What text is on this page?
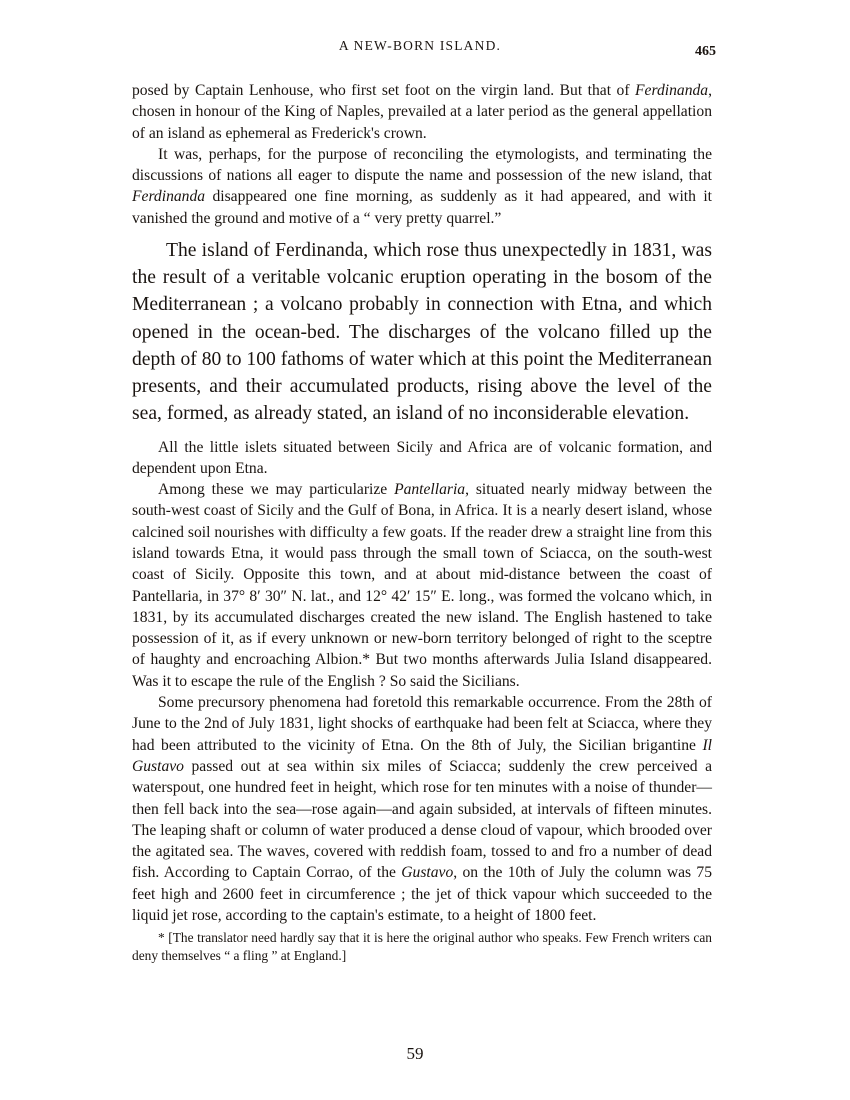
A NEW-BORN ISLAND.	465

posed by Captain Lenhouse, who first set foot on the virgin land. But that of Ferdinanda, chosen in honour of the King of Naples, prevailed at a later period as the general appellation of an island as ephemeral as Frederick's crown.

It was, perhaps, for the purpose of reconciling the etymologists, and terminating the discussions of nations all eager to dispute the name and possession of the new island, that Ferdinanda disappeared one fine morning, as suddenly as it had appeared, and with it vanished the ground and motive of a “ very pretty quarrel.”

The island of Ferdinanda, which rose thus unexpectedly in 1831, was the result of a veritable volcanic eruption operating in the bosom of the Mediterranean ; a volcano probably in connection with Etna, and which opened in the ocean-bed. The discharges of the volcano filled up the depth of 80 to 100 fathoms of water which at this point the Mediterranean presents, and their accumulated products, rising above the level of the sea, formed, as already stated, an island of no inconsiderable elevation.

All the little islets situated between Sicily and Africa are of volcanic formation, and dependent upon Etna.

Among these we may particularize Pantellaria, situated nearly midway between the south-west coast of Sicily and the Gulf of Bona, in Africa. It is a nearly desert island, whose calcined soil nourishes with difficulty a few goats. If the reader drew a straight line from this island towards Etna, it would pass through the small town of Sciacca, on the south-west coast of Sicily. Opposite this town, and at about mid-distance between the coast of Pantellaria, in 37° 8′ 30″ N. lat., and 12° 42′ 15″ E. long., was formed the volcano which, in 1831, by its accumulated discharges created the new island. The English hastened to take possession of it, as if every unknown or new-born territory belonged of right to the sceptre of haughty and encroaching Albion.* But two months afterwards Julia Island disappeared. Was it to escape the rule of the English ? So said the Sicilians.

Some precursory phenomena had foretold this remarkable occurrence. From the 28th of June to the 2nd of July 1831, light shocks of earthquake had been felt at Sciacca, where they had been attributed to the vicinity of Etna. On the 8th of July, the Sicilian brigantine Il Gustavo passed out at sea within six miles of Sciacca; suddenly the crew perceived a waterspout, one hundred feet in height, which rose for ten minutes with a noise of thunder—then fell back into the sea—rose again—and again subsided, at intervals of fifteen minutes. The leaping shaft or column of water produced a dense cloud of vapour, which brooded over the agitated sea. The waves, covered with reddish foam, tossed to and fro a number of dead fish. According to Captain Corrao, of the Gustavo, on the 10th of July the column was 75 feet high and 2600 feet in circumference ; the jet of thick vapour which succeeded to the liquid jet rose, according to the captain's estimate, to a height of 1800 feet.

* [The translator need hardly say that it is here the original author who speaks. Few French writers can deny themselves “ a fling ” at England.]

59
